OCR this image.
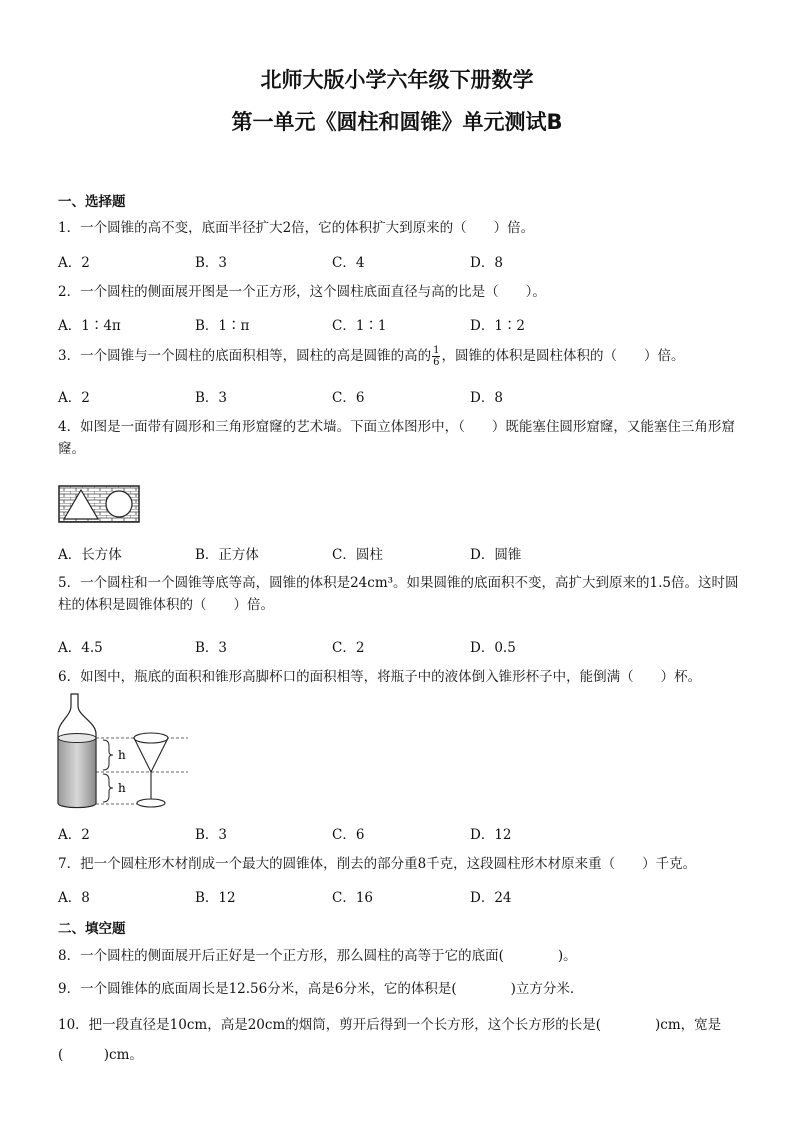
北师大版小学六年级下册数学
第一单元《圆柱和圆锥》单元测试B
一、选择题
1．一个圆锥的高不变，底面半径扩大2倍，它的体积扩大到原来的（　　）倍。
A．2	B．3	C．4	D．8
2．一个圆柱的侧面展开图是一个正方形，这个圆柱底面直径与高的比是（　　）。
A．1∶4π	B．1∶π	C．1∶1	D．1∶2
3．一个圆锥与一个圆柱的底面积相等，圆柱的高是圆锥的高的 $\frac{1}{6}$ ，圆锥的体积是圆柱体积的（　　）倍。
A．2	B．3	C．6	D．8
4．如图是一面带有圆形和三角形窟窿的艺术墙。下面立体图形中，（　　）既能塞住圆形窟窿，又能塞住三角形窟窿。
A．长方体	B．正方体	C．圆柱	D．圆锥
5．一个圆柱和一个圆锥等底等高，圆锥的体积是24cm³。如果圆锥的底面积不变，高扩大到原来的1.5倍。这时圆柱的体积是圆锥体积的（　　）倍。
A．4.5	B．3	C．2	D．0.5
6．如图中，瓶底的面积和锥形高脚杯口的面积相等，将瓶子中的液体倒入锥形杯子中，能倒满（　　）杯。
h
h
A．2	B．3	C．6	D．12
7．把一个圆柱形木材削成一个最大的圆锥体，削去的部分重8千克，这段圆柱形木材原来重（　　）千克。
A．8	B．12	C．16	D．24
二、填空题
8．一个圆柱的侧面展开后正好是一个正方形，那么圆柱的高等于它的底面(　　　　)。
9．一个圆锥体的底面周长是12.56分米，高是6分米，它的体积是(　　　　)立方分米．
10．把一段直径是10cm，高是20cm的烟筒，剪开后得到一个长方形，这个长方形的长是(　　　　)cm，宽是(　　　)cm。
